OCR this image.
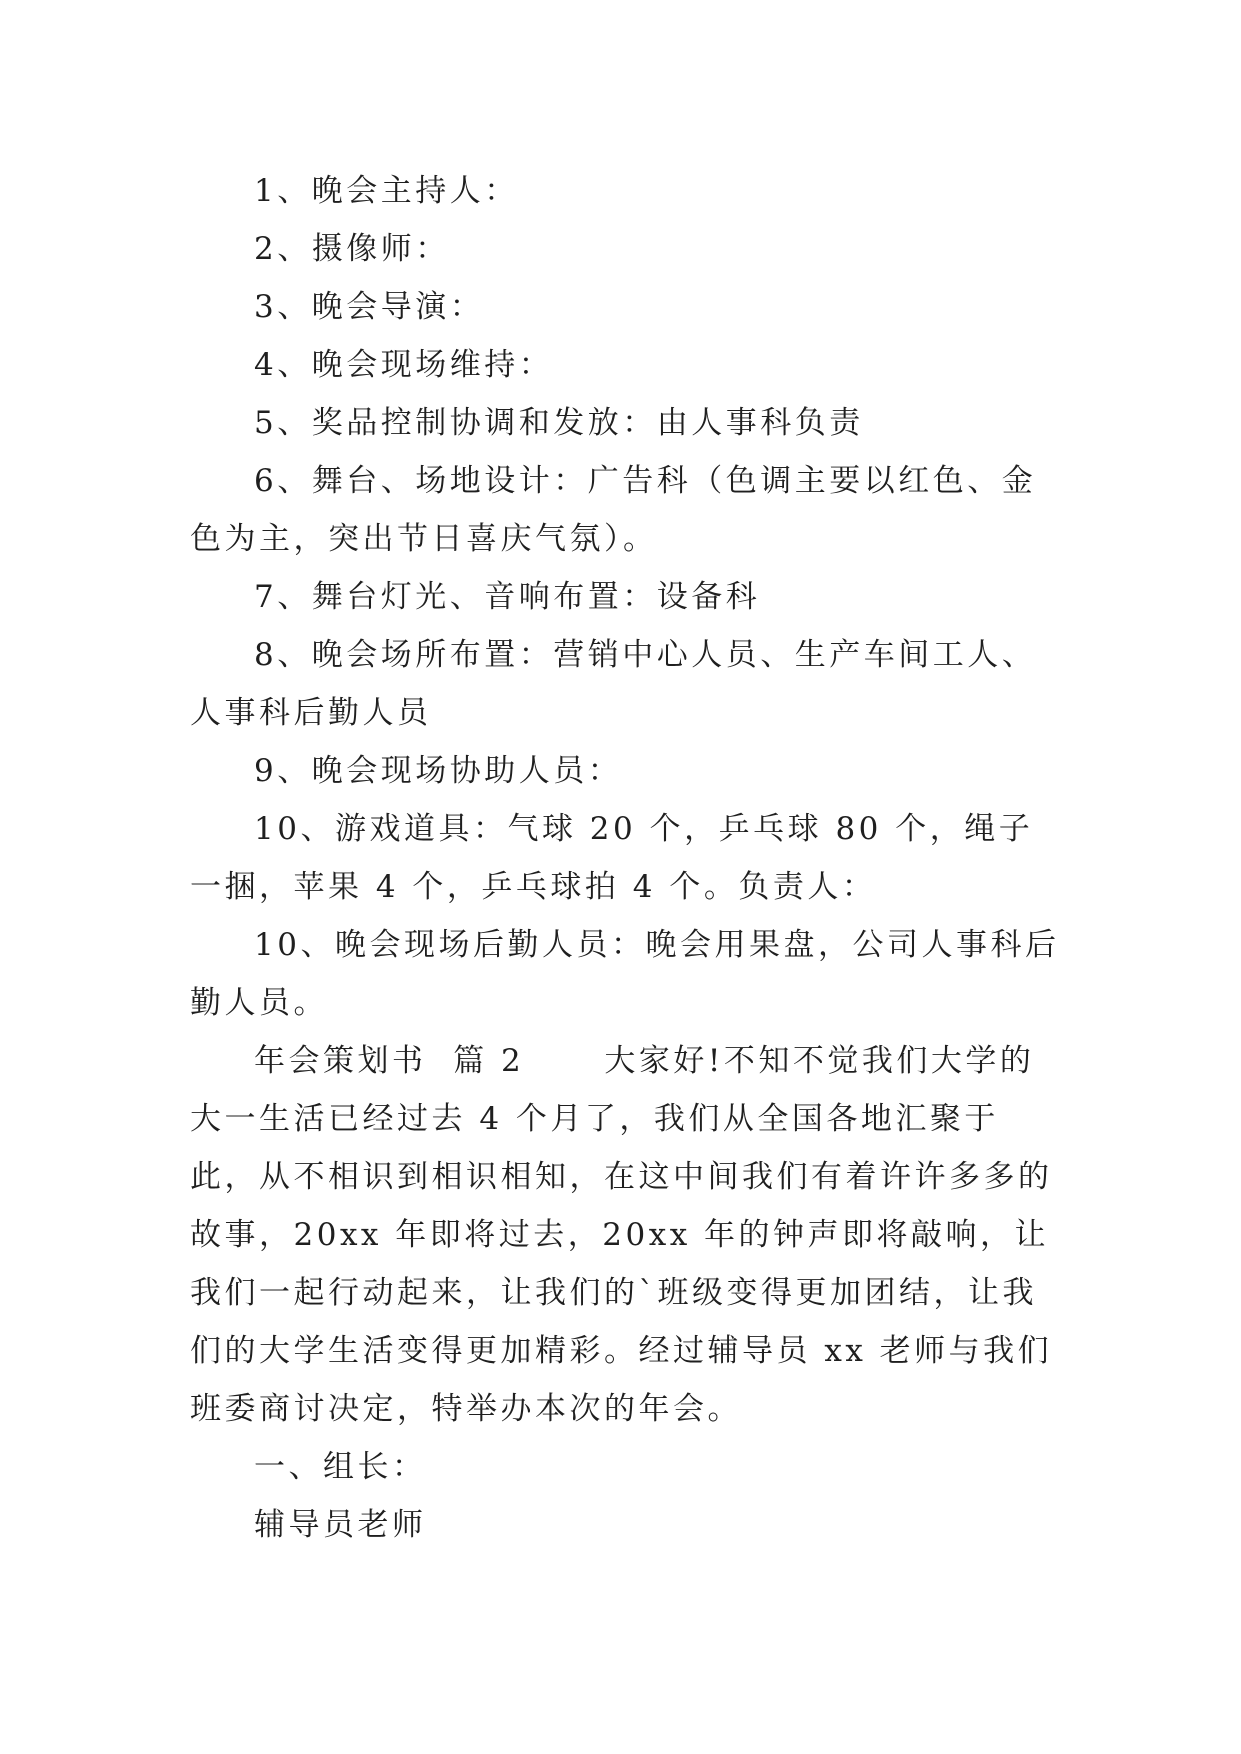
1、晚会主持人：

2、摄像师：

3、晚会导演：

4、晚会现场维持：

5、奖品控制协调和发放：由人事科负责

6、舞台、场地设计：广告科（色调主要以红色、金色为主，突出节日喜庆气氛）。

7、舞台灯光、音响布置：设备科

8、晚会场所布置：营销中心人员、生产车间工人、人事科后勤人员

9、晚会现场协助人员：

10、游戏道具：气球 20 个，乒乓球 80 个，绳子一捆，苹果 4 个，乒乓球拍 4 个。负责人：

10、晚会现场后勤人员：晚会用果盘，公司人事科后勤人员。

年会策划书  篇 2      大家好!不知不觉我们大学的大一生活已经过去 4 个月了，我们从全国各地汇聚于此，从不相识到相识相知，在这中间我们有着许许多多的故事，20xx 年即将过去，20xx 年的钟声即将敲响，让我们一起行动起来，让我们的`班级变得更加团结，让我们的大学生活变得更加精彩。经过辅导员 xx 老师与我们班委商讨决定，特举办本次的年会。

一、组长：

辅导员老师
